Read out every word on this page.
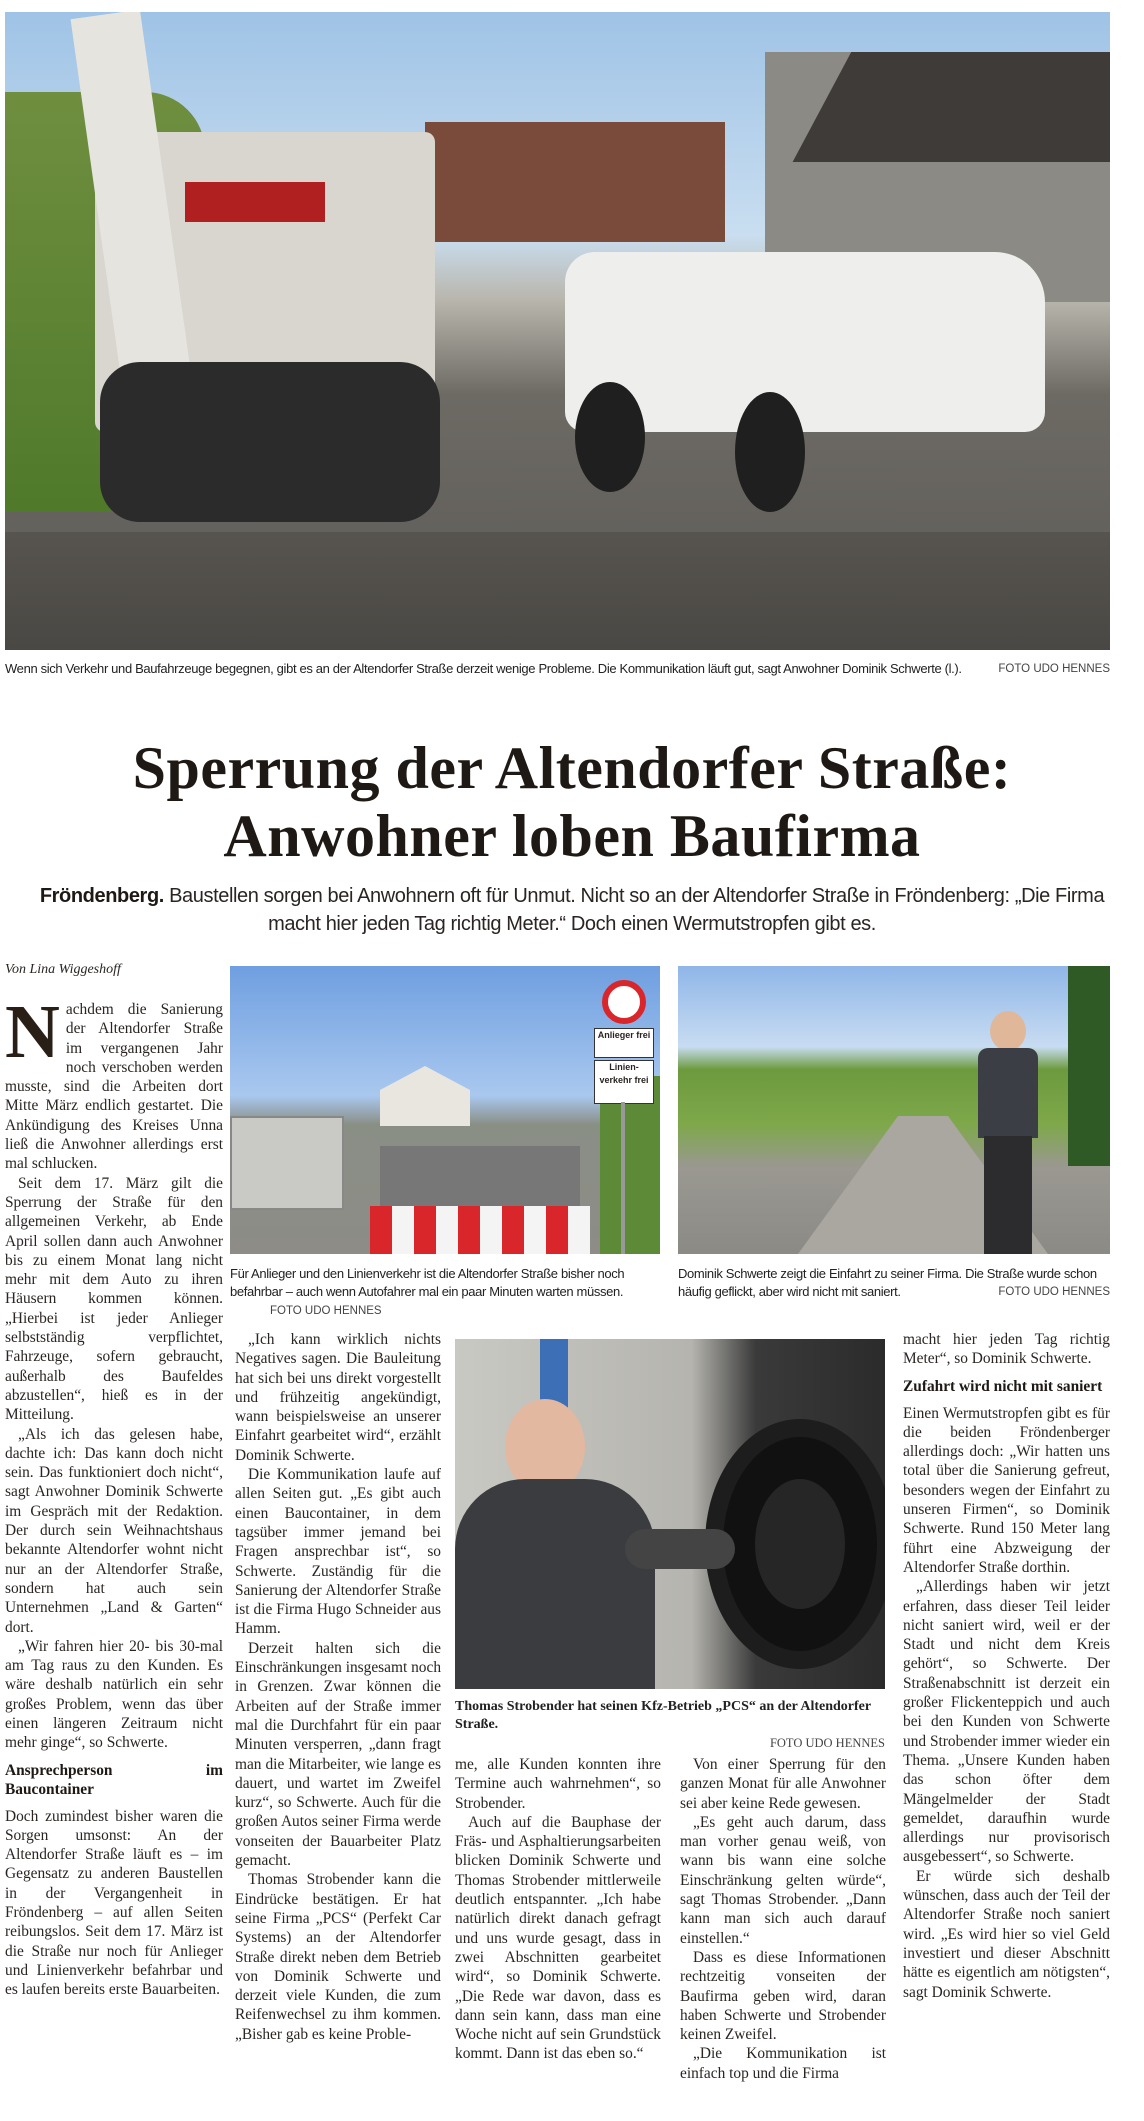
Wenn sich Verkehr und Baufahrzeuge begegnen, gibt es an der Altendorfer Straße derzeit wenige Probleme. Die Kommunikation läuft gut, sagt Anwohner Dominik Schwerte (l.).	FOTO UDO HENNES
Sperrung der Altendorfer Straße:
Anwohner loben Baufirma
Fröndenberg. Baustellen sorgen bei Anwohnern oft für Unmut. Nicht so an der Altendorfer Straße in Fröndenberg: „Die Firma macht hier jeden Tag richtig Meter.“ Doch einen Wermutstropfen gibt es.
Von Lina Wiggeshoff
Anlieger frei
Linien-verkehr frei
Für Anlieger und den Linienverkehr ist die Altendorfer Straße bisher noch befahrbar – auch wenn Autofahrer mal ein paar Minuten warten müssen. FOTO UDO HENNES
Dominik Schwerte zeigt die Einfahrt zu seiner Firma. Die Straße wurde schon häufig geflickt, aber wird nicht mit saniert.	FOTO UDO HENNES
Thomas Strobender hat seinen Kfz-Betrieb „PCS“ an der Altendorfer Straße.
FOTO UDO HENNES

Nachdem die Sanierung der Altendorfer Straße im vergangenen Jahr noch verschoben werden musste, sind die Arbeiten dort Mitte März endlich gestartet. Die Ankündigung des Kreises Unna ließ die Anwohner allerdings erst mal schlucken.

Seit dem 17. März gilt die Sperrung der Straße für den allgemeinen Verkehr, ab Ende April sollen dann auch Anwohner bis zu einem Monat lang nicht mehr mit dem Auto zu ihren Häusern kommen können. „Hierbei ist jeder Anlieger selbstständig verpflichtet, Fahrzeuge, sofern gebraucht, außerhalb des Baufeldes abzustellen“, hieß es in der Mitteilung.

„Als ich das gelesen habe, dachte ich: Das kann doch nicht sein. Das funktioniert doch nicht“, sagt Anwohner Dominik Schwerte im Gespräch mit der Redaktion. Der durch sein Weihnachtshaus bekannte Altendorfer wohnt nicht nur an der Altendorfer Straße, sondern hat auch sein Unternehmen „Land & Garten“ dort.

„Wir fahren hier 20- bis 30-mal am Tag raus zu den Kunden. Es wäre deshalb natürlich ein sehr großes Problem, wenn das über einen längeren Zeitraum nicht mehr ginge“, so Schwerte.

Ansprechperson im Baucontainer

Doch zumindest bisher waren die Sorgen umsonst: An der Altendorfer Straße läuft es – im Gegensatz zu anderen Baustellen in der Vergangenheit in Fröndenberg – auf allen Seiten reibungslos. Seit dem 17. März ist die Straße nur noch für Anlieger und Linienverkehr befahrbar und es laufen bereits erste Bauarbeiten.

„Ich kann wirklich nichts Negatives sagen. Die Bauleitung hat sich bei uns direkt vorgestellt und frühzeitig angekündigt, wann beispielsweise an unserer Einfahrt gearbeitet wird“, erzählt Dominik Schwerte.

Die Kommunikation laufe auf allen Seiten gut. „Es gibt auch einen Baucontainer, in dem tagsüber immer jemand bei Fragen ansprechbar ist“, so Schwerte. Zuständig für die Sanierung der Altendorfer Straße ist die Firma Hugo Schneider aus Hamm.

Derzeit halten sich die Einschränkungen insgesamt noch in Grenzen. Zwar können die Arbeiten auf der Straße immer mal die Durchfahrt für ein paar Minuten versperren, „dann fragt man die Mitarbeiter, wie lange es dauert, und wartet im Zweifel kurz“, so Schwerte. Auch für die großen Autos seiner Firma werde vonseiten der Bauarbeiter Platz gemacht.

Thomas Strobender kann die Eindrücke bestätigen. Er hat seine Firma „PCS“ (Perfekt Car Systems) an der Altendorfer Straße direkt neben dem Betrieb von Dominik Schwerte und derzeit viele Kunden, die zum Reifenwechsel zu ihm kommen. „Bisher gab es keine Proble-

me, alle Kunden konnten ihre Termine auch wahrnehmen“, so Strobender.

Auch auf die Bauphase der Fräs- und Asphaltierungsarbeiten blicken Dominik Schwerte und Thomas Strobender mittlerweile deutlich entspannter. „Ich habe natürlich direkt danach gefragt und uns wurde gesagt, dass in zwei Abschnitten gearbeitet wird“, so Dominik Schwerte. „Die Rede war davon, dass es dann sein kann, dass man eine Woche nicht auf sein Grundstück kommt. Dann ist das eben so.“

Von einer Sperrung für den ganzen Monat für alle Anwohner sei aber keine Rede gewesen.

„Es geht auch darum, dass man vorher genau weiß, von wann bis wann eine solche Einschränkung gelten würde“, sagt Thomas Strobender. „Dann kann man sich auch darauf einstellen.“

Dass es diese Informationen rechtzeitig vonseiten der Baufirma geben wird, daran haben Schwerte und Strobender keinen Zweifel.

„Die Kommunikation ist einfach top und die Firma

macht hier jeden Tag richtig Meter“, so Dominik Schwerte.

Zufahrt wird nicht mit saniert

Einen Wermutstropfen gibt es für die beiden Fröndenberger allerdings doch: „Wir hatten uns total über die Sanierung gefreut, besonders wegen der Einfahrt zu unseren Firmen“, so Dominik Schwerte. Rund 150 Meter lang führt eine Abzweigung der Altendorfer Straße dorthin.

„Allerdings haben wir jetzt erfahren, dass dieser Teil leider nicht saniert wird, weil er der Stadt und nicht dem Kreis gehört“, so Schwerte. Der Straßenabschnitt ist derzeit ein großer Flickenteppich und auch bei den Kunden von Schwerte und Strobender immer wieder ein Thema. „Unsere Kunden haben das schon öfter dem Mängelmelder der Stadt gemeldet, daraufhin wurde allerdings nur provisorisch ausgebessert“, so Schwerte.

Er würde sich deshalb wünschen, dass auch der Teil der Altendorfer Straße noch saniert wird. „Es wird hier so viel Geld investiert und dieser Abschnitt hätte es eigentlich am nötigsten“, sagt Dominik Schwerte.
